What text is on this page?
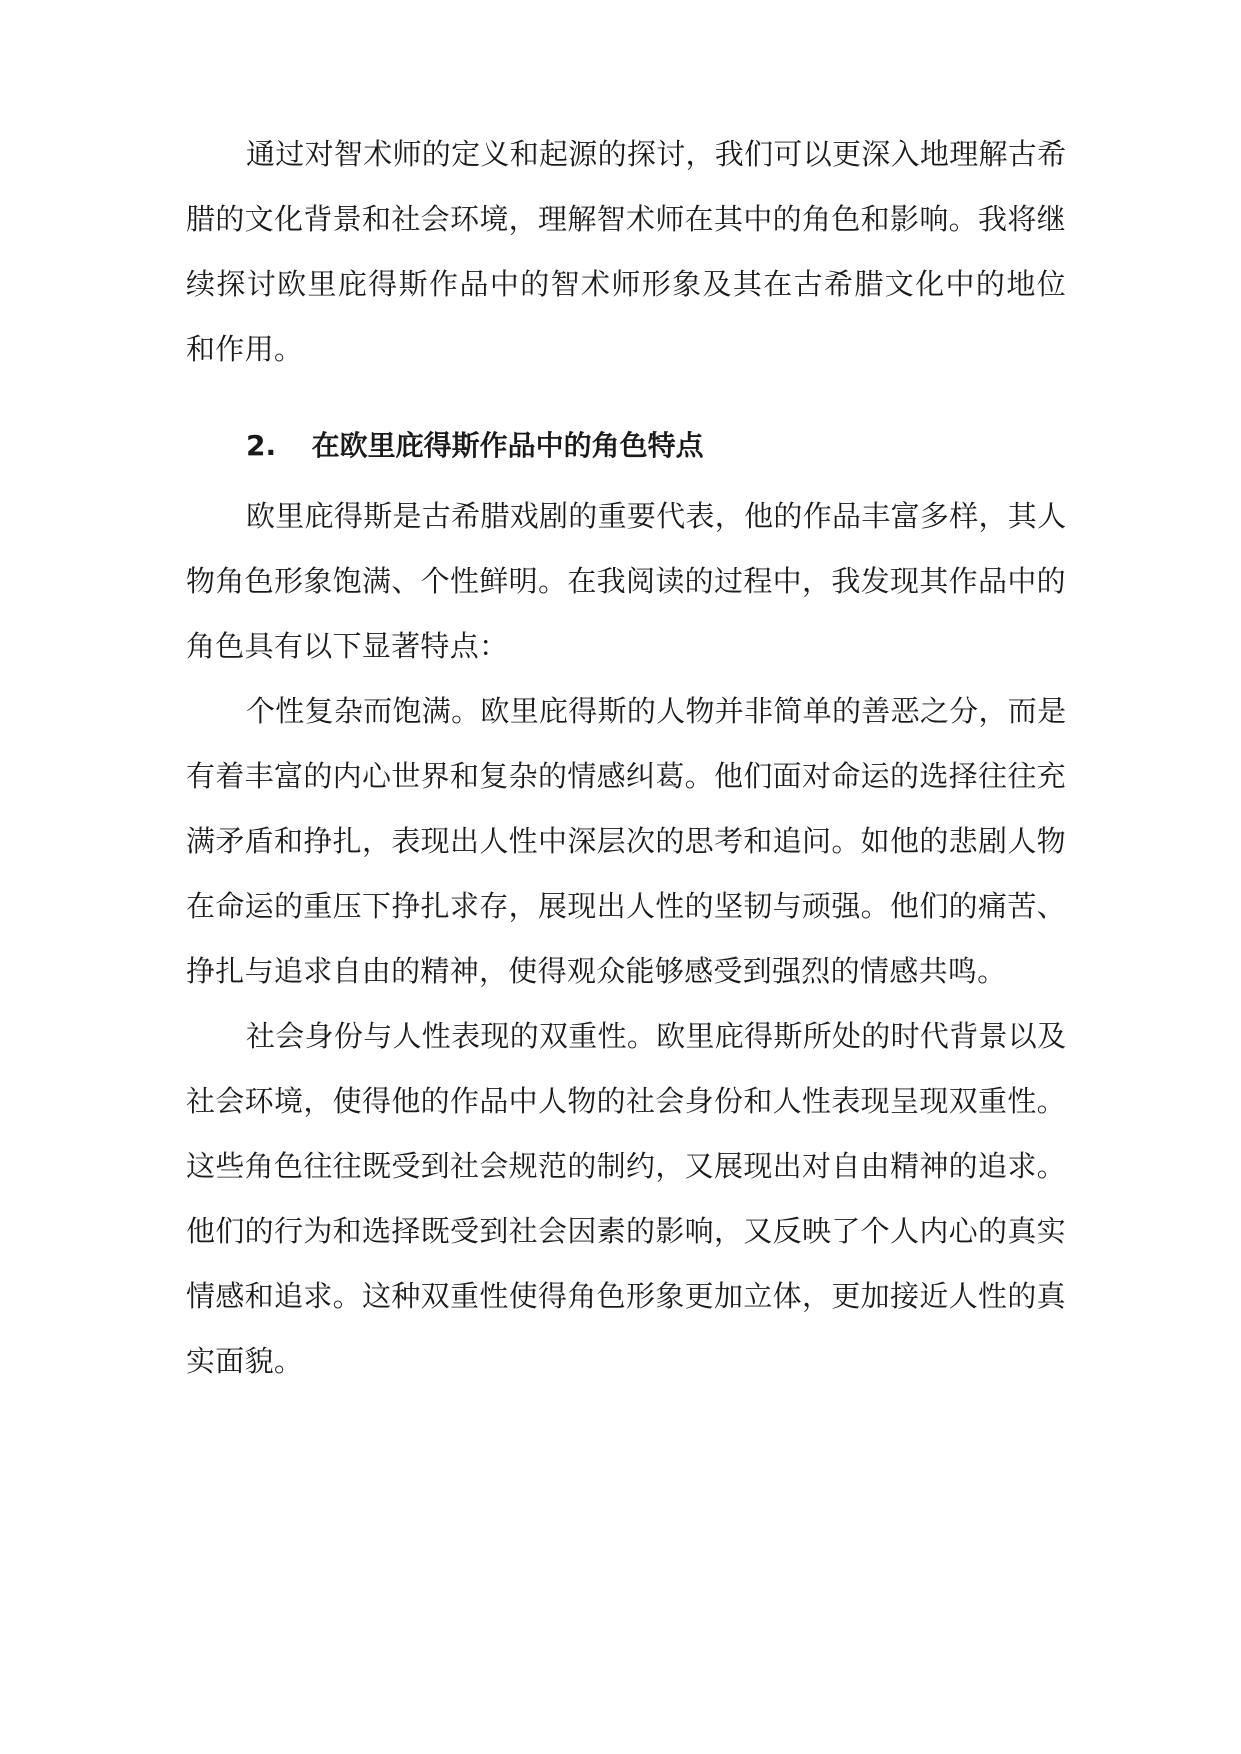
通过对智术师的定义和起源的探讨，我们可以更深入地理解古希
腊的文化背景和社会环境，理解智术师在其中的角色和影响。我将继
续探讨欧里庇得斯作品中的智术师形象及其在古希腊文化中的地位
和作用。
2. 在欧里庇得斯作品中的角色特点
欧里庇得斯是古希腊戏剧的重要代表，他的作品丰富多样，其人
物角色形象饱满、个性鲜明。在我阅读的过程中，我发现其作品中的
角色具有以下显著特点：
个性复杂而饱满。欧里庇得斯的人物并非简单的善恶之分，而是
有着丰富的内心世界和复杂的情感纠葛。他们面对命运的选择往往充
满矛盾和挣扎，表现出人性中深层次的思考和追问。如他的悲剧人物
在命运的重压下挣扎求存，展现出人性的坚韧与顽强。他们的痛苦、
挣扎与追求自由的精神，使得观众能够感受到强烈的情感共鸣。
社会身份与人性表现的双重性。欧里庇得斯所处的时代背景以及
社会环境，使得他的作品中人物的社会身份和人性表现呈现双重性。
这些角色往往既受到社会规范的制约，又展现出对自由精神的追求。
他们的行为和选择既受到社会因素的影响，又反映了个人内心的真实
情感和追求。这种双重性使得角色形象更加立体，更加接近人性的真
实面貌。
